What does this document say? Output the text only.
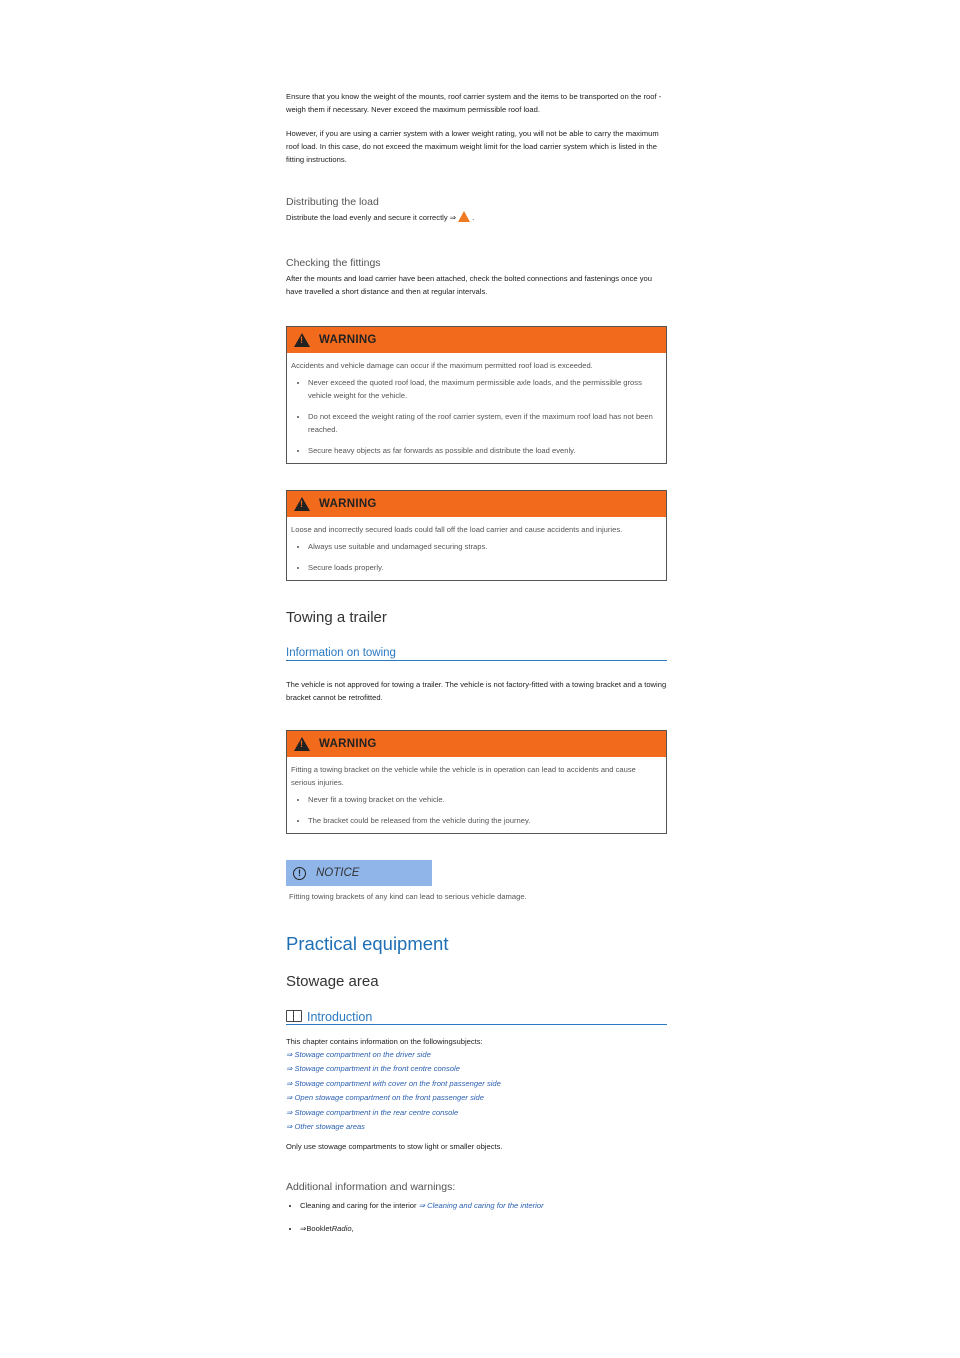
Ensure that you know the weight of the mounts, roof carrier system and the items to be transported on the roof - weigh them if necessary. Never exceed the maximum permissible roof load.

However, if you are using a carrier system with a lower weight rating, you will not be able to carry the maximum roof load. In this case, do not exceed the maximum weight limit for the load carrier system which is listed in the fitting instructions.

Distributing the load

Distribute the load evenly and secure it correctly ⇒ .

Checking the fittings

After the mounts and load carrier have been attached, check the bolted connections and fastenings once you have travelled a short distance and then at regular intervals.

!
WARNING
Accidents and vehicle damage can occur if the maximum permitted roof load is exceeded.
• Never exceed the quoted roof load, the maximum permissible axle loads, and the permissible gross vehicle weight for the vehicle.
• Do not exceed the weight rating of the roof carrier system, even if the maximum roof load has not been reached.
• Secure heavy objects as far forwards as possible and distribute the load evenly.
!
WARNING
Loose and incorrectly secured loads could fall off the load carrier and cause accidents and injuries.
• Always use suitable and undamaged securing straps.
• Secure loads properly.
Towing a trailer
Information on towing

The vehicle is not approved for towing a trailer. The vehicle is not factory-fitted with a towing bracket and a towing bracket cannot be retrofitted.

!
WARNING
Fitting a towing bracket on the vehicle while the vehicle is in operation can lead to accidents and cause serious injuries.
• Never fit a towing bracket on the vehicle.
• The bracket could be released from the vehicle during the journey.
!	NOTICE
Fitting towing brackets of any kind can lead to serious vehicle damage.
Practical equipment
Stowage area
Introduction

This chapter contains information on the followingsubjects:

⇒ Stowage compartment on the driver side
⇒ Stowage compartment in the front centre console
⇒ Stowage compartment with cover on the front passenger side
⇒ Open stowage compartment on the front passenger side
⇒ Stowage compartment in the rear centre console
⇒ Other stowage areas

Only use stowage compartments to stow light or smaller objects.

Additional information and warnings:
• Cleaning and caring for the interior ⇒ Cleaning and caring for the interior
• ⇒BookletRadio,
